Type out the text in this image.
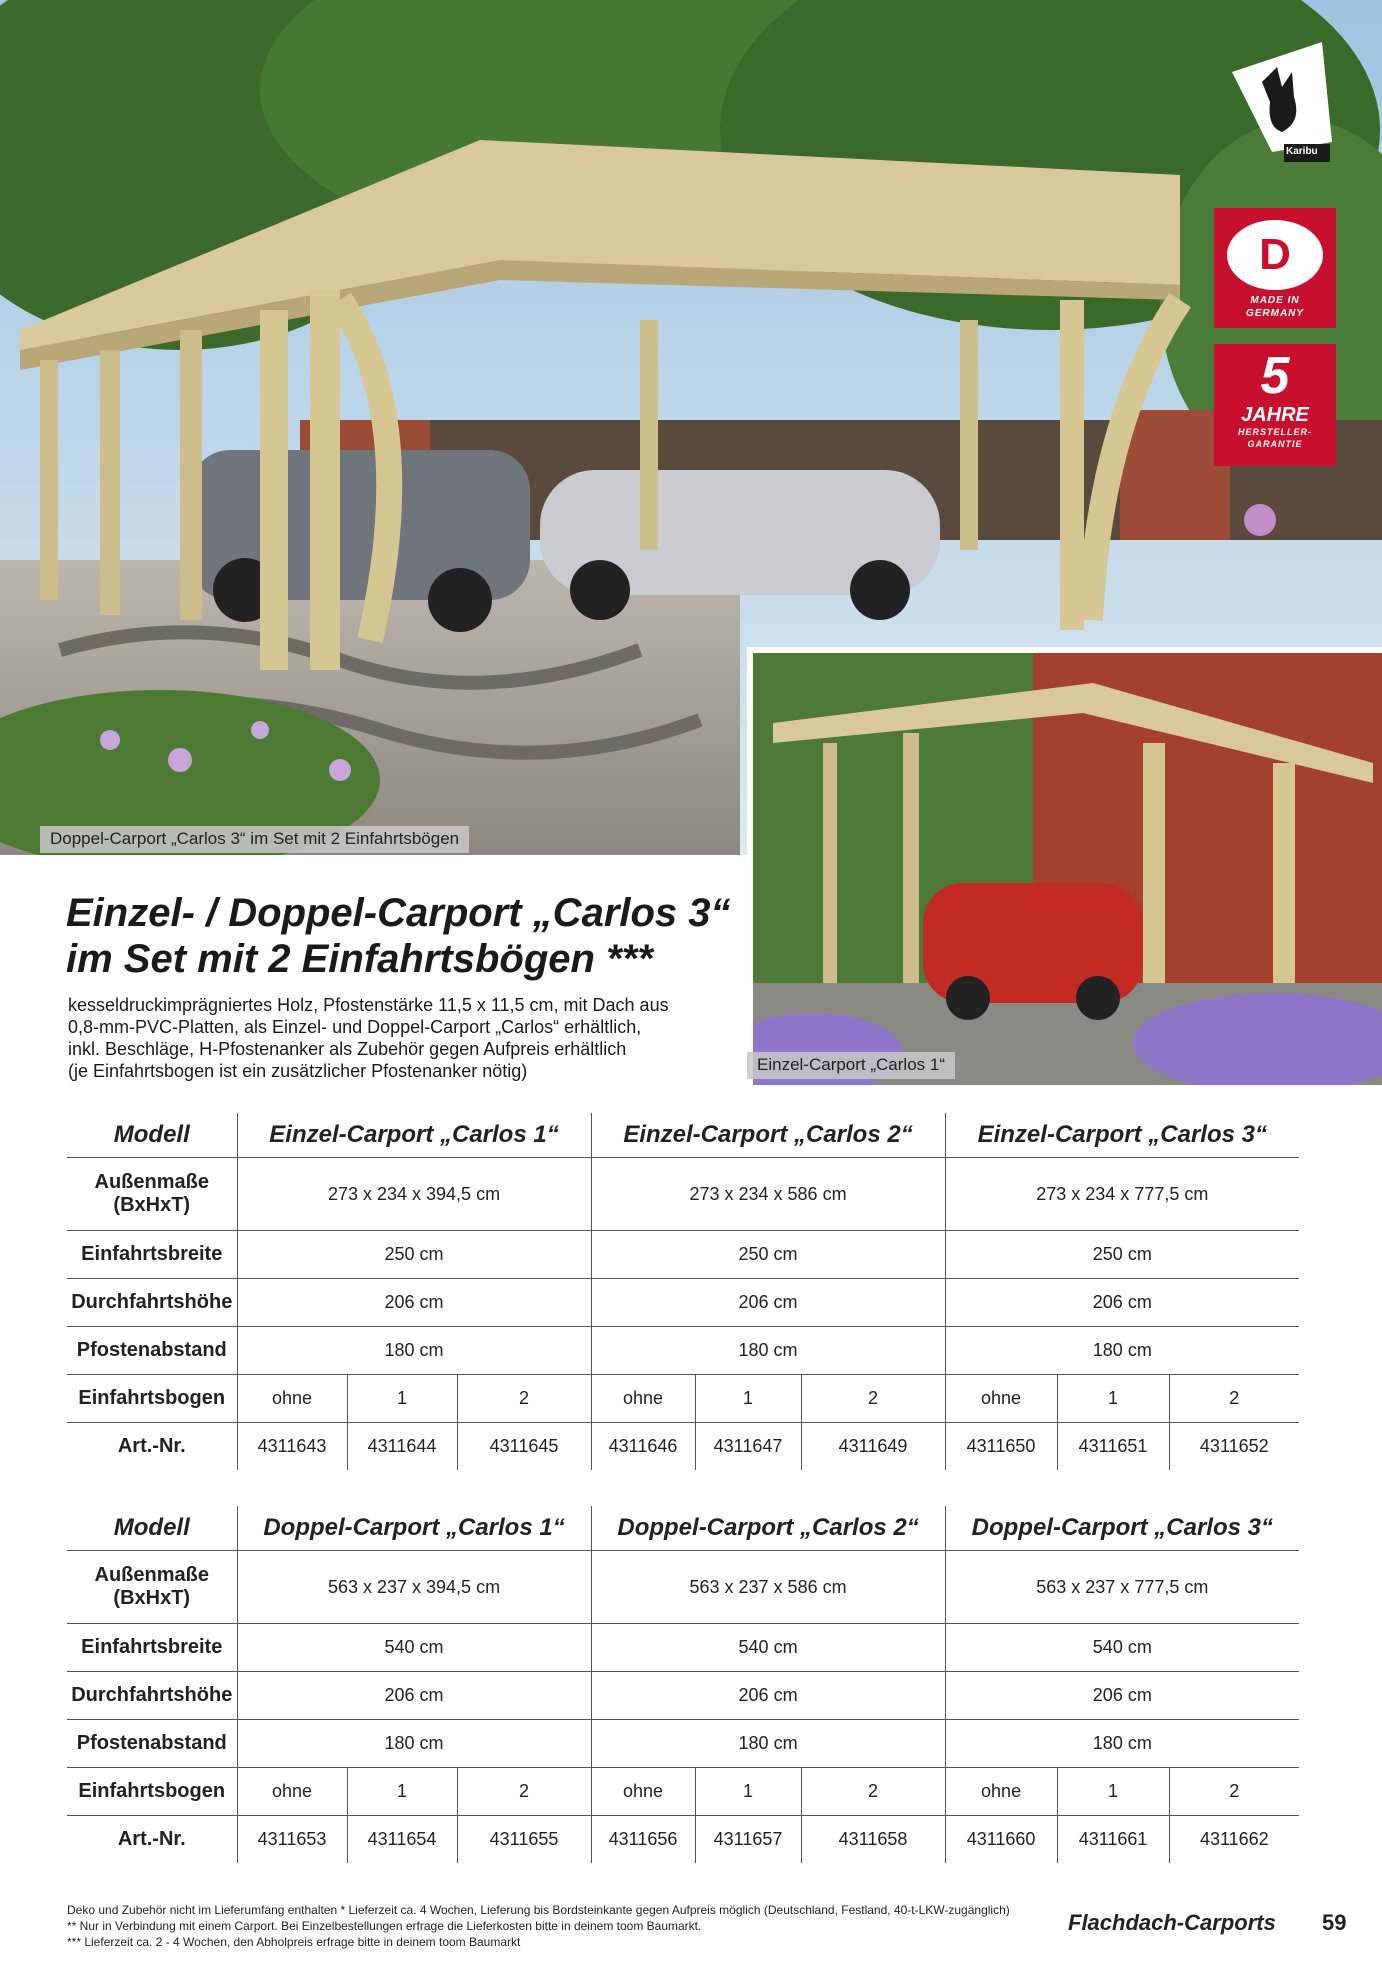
Doppel-Carport „Carlos 3“ im Set mit 2 Einfahrtsbögen
Einzel-Carport „Carlos 1“
Karibu
D
MADE IN
GERMANY
5
JAHRE
HERSTELLER-
GARANTIE
Einzel- / Doppel-Carport „Carlos 3“
im Set mit 2 Einfahrtsbögen ***
kesseldruckimprägniertes Holz, Pfostenstärke 11,5 x 11,5 cm, mit Dach aus
0,8-mm-PVC-Platten, als Einzel- und Doppel-Carport „Carlos“ erhältlich,
inkl. Beschläge, H-Pfostenanker als Zubehör gegen Aufpreis erhältlich
(je Einfahrtsbogen ist ein zusätzlicher Pfostenanker nötig)
Modell	Einzel-Carport „Carlos 1“			Einzel-Carport „Carlos 2“			Einzel-Carport „Carlos 3“		
Außenmaße
(BxHxT)	273 x 234 x 394,5 cm			273 x 234 x 586 cm			273 x 234 x 777,5 cm		
Einfahrtsbreite	250 cm			250 cm			250 cm		
Durchfahrtshöhe	206 cm			206 cm			206 cm		
Pfostenabstand	180 cm			180 cm			180 cm		
Einfahrtsbogen	ohne	1	2	ohne	1	2	ohne	1	2
Art.-Nr.	4311643	4311644	4311645	4311646	4311647	4311649	4311650	4311651	4311652
Modell	Doppel-Carport „Carlos 1“			Doppel-Carport „Carlos 2“			Doppel-Carport „Carlos 3“		
Außenmaße
(BxHxT)	563 x 237 x 394,5 cm			563 x 237 x 586 cm			563 x 237 x 777,5 cm		
Einfahrtsbreite	540 cm			540 cm			540 cm		
Durchfahrtshöhe	206 cm			206 cm			206 cm		
Pfostenabstand	180 cm			180 cm			180 cm		
Einfahrtsbogen	ohne	1	2	ohne	1	2	ohne	1	2
Art.-Nr.	4311653	4311654	4311655	4311656	4311657	4311658	4311660	4311661	4311662
Deko und Zubehör nicht im Lieferumfang enthalten * Lieferzeit ca. 4 Wochen, Lieferung bis Bordsteinkante gegen Aufpreis möglich (Deutschland, Festland, 40-t-LKW-zugänglich)
** Nur in Verbindung mit einem Carport. Bei Einzelbestellungen erfrage die Lieferkosten bitte in deinem toom Baumarkt.
*** Lieferzeit ca. 2 - 4 Wochen, den Abholpreis erfrage bitte in deinem toom Baumarkt
Flachdach-Carports 59
